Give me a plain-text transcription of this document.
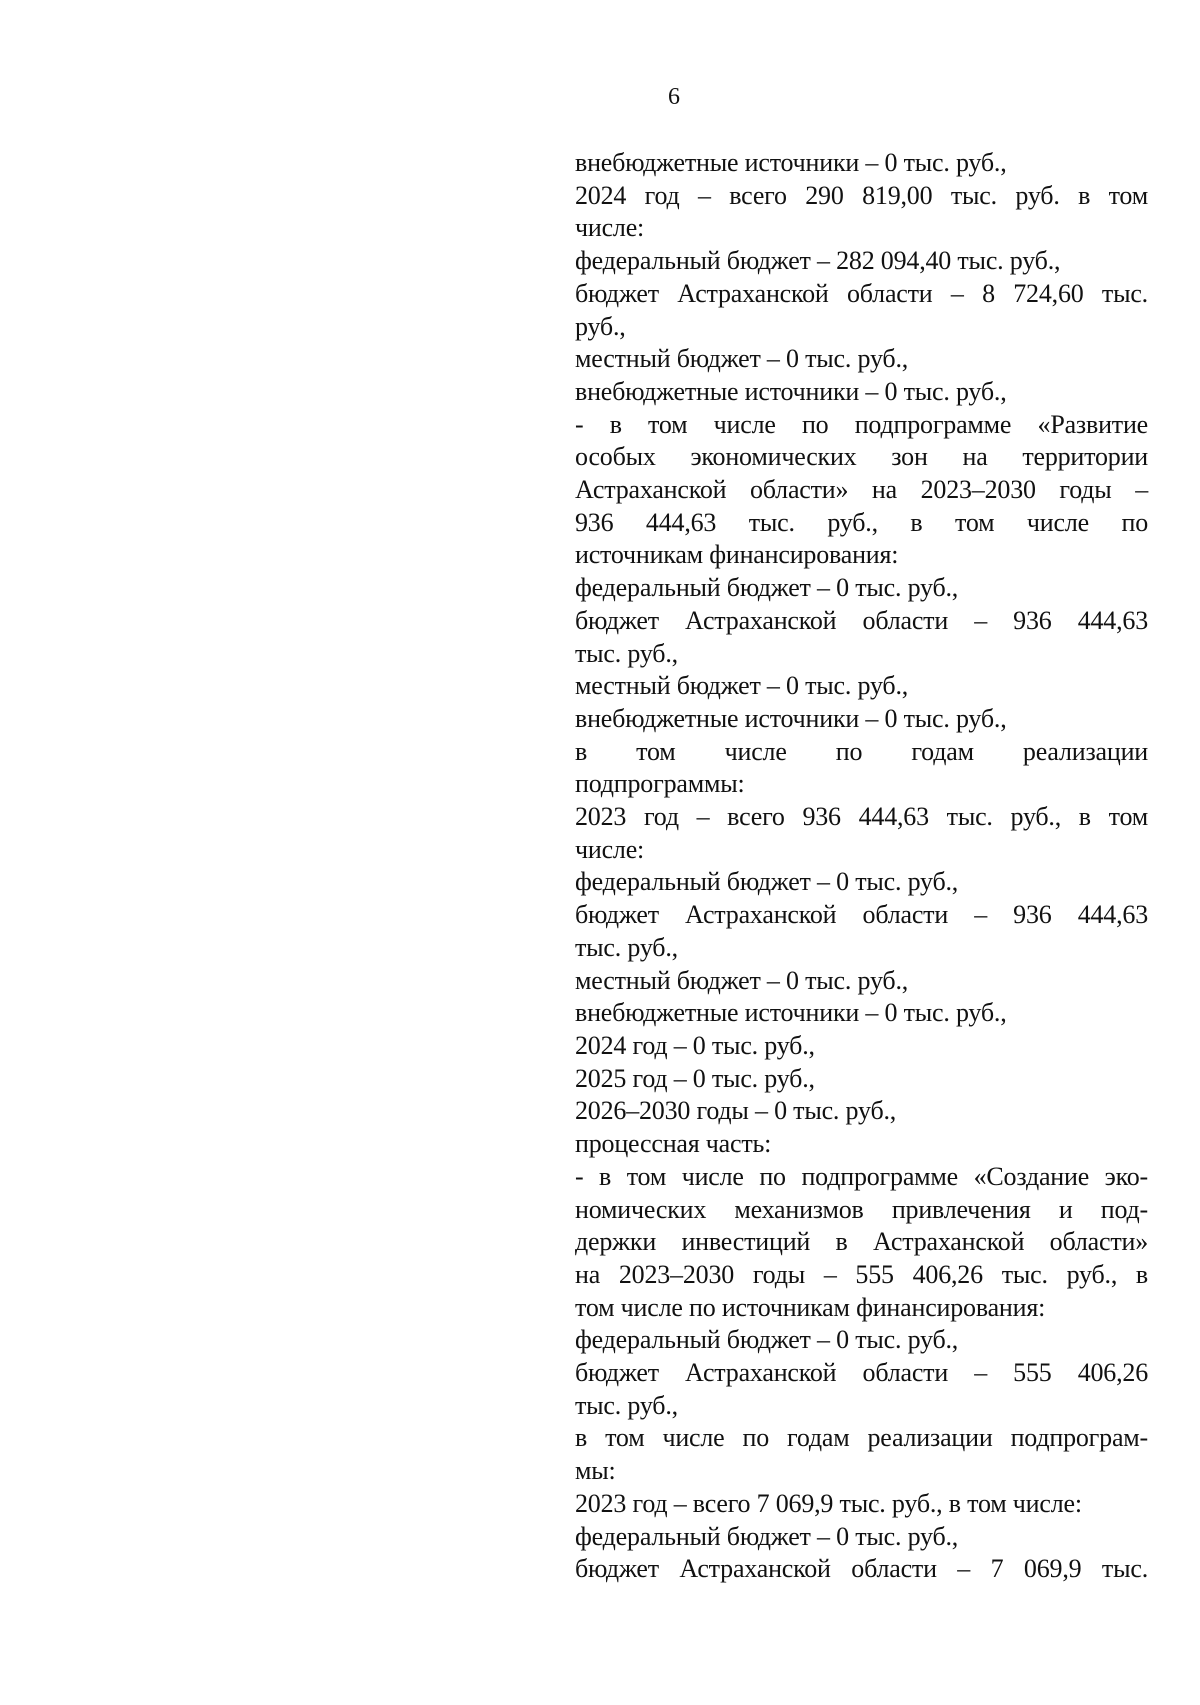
6
внебюджетные источники – 0 тыс. руб.,
2024 год – всего 290 819,00 тыс. руб. в том
числе:
федеральный бюджет – 282 094,40 тыс. руб.,
бюджет Астраханской области – 8 724,60 тыс.
руб.,
местный бюджет – 0 тыс. руб.,
внебюджетные источники – 0 тыс. руб.,
- в том числе по подпрограмме «Развитие
особых экономических зон на территории
Астраханской области» на 2023–2030 годы –
936 444,63 тыс. руб., в том числе по
источникам финансирования:
федеральный бюджет – 0 тыс. руб.,
бюджет Астраханской области – 936 444,63
тыс. руб.,
местный бюджет – 0 тыс. руб.,
внебюджетные источники – 0 тыс. руб.,
в том числе по годам реализации
подпрограммы:
2023 год – всего 936 444,63 тыс. руб., в том
числе:
федеральный бюджет – 0 тыс. руб.,
бюджет Астраханской области – 936 444,63
тыс. руб.,
местный бюджет – 0 тыс. руб.,
внебюджетные источники – 0 тыс. руб.,
2024 год – 0 тыс. руб.,
2025 год – 0 тыс. руб.,
2026–2030 годы – 0 тыс. руб.,
процессная часть:
- в том числе по подпрограмме «Создание эко-
номических механизмов привлечения и под-
держки инвестиций в Астраханской области»
на 2023–2030 годы – 555 406,26 тыс. руб., в
том числе по источникам финансирования:
федеральный бюджет – 0 тыс. руб.,
бюджет Астраханской области – 555 406,26
тыс. руб.,
в том числе по годам реализации подпрограм-
мы:
2023 год – всего 7 069,9 тыс. руб., в том числе:
федеральный бюджет – 0 тыс. руб.,
бюджет Астраханской области – 7 069,9 тыс.
